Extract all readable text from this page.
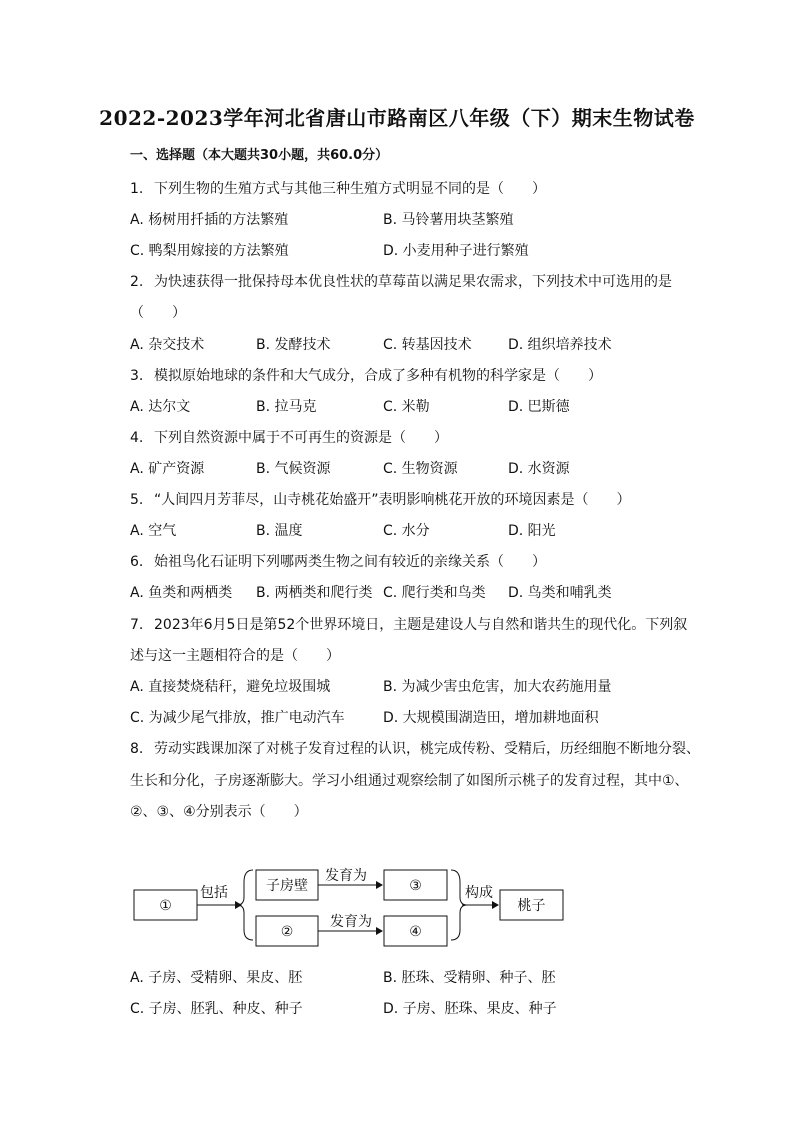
2022-2023学年河北省唐山市路南区八年级（下）期末生物试卷
一、选择题（本大题共30小题，共60.0分）
1. 下列生物的生殖方式与其他三种生殖方式明显不同的是（　　）
A. 杨树用扦插的方法繁殖	B. 马铃薯用块茎繁殖
C. 鸭梨用嫁接的方法繁殖	D. 小麦用种子进行繁殖
2. 为快速获得一批保持母本优良性状的草莓苗以满足果农需求，下列技术中可选用的是
（　　）
A. 杂交技术	B. 发酵技术	C. 转基因技术	D. 组织培养技术
3. 模拟原始地球的条件和大气成分，合成了多种有机物的科学家是（　　）
A. 达尔文	B. 拉马克	C. 米勒	D. 巴斯德
4. 下列自然资源中属于不可再生的资源是（　　）
A. 矿产资源	B. 气候资源	C. 生物资源	D. 水资源
5. “人间四月芳菲尽，山寺桃花始盛开”表明影响桃花开放的环境因素是（　　）
A. 空气	B. 温度	C. 水分	D. 阳光
6. 始祖鸟化石证明下列哪两类生物之间有较近的亲缘关系（　　）
A. 鱼类和两栖类 B. 两栖类和爬行类 C. 爬行类和鸟类 D. 鸟类和哺乳类
7. 2023年6月5日是第52个世界环境日，主题是建设人与自然和谐共生的现代化。下列叙
述与这一主题相符合的是（　　）
A. 直接焚烧秸秆，避免垃圾围城	B. 为减少害虫危害，加大农药施用量
C. 为减少尾气排放，推广电动汽车	D. 大规模围湖造田，增加耕地面积
8. 劳动实践课加深了对桃子发育过程的认识，桃完成传粉、受精后，历经细胞不断地分裂、
生长和分化，子房逐渐膨大。学习小组通过观察绘制了如图所示桃子的发育过程，其中①、
②、③、④分别表示（　　）
①
包括	子房壁
②
发育为
发育为
③
④
构成
桃子
A. 子房、受精卵、果皮、胚	B. 胚珠、受精卵、种子、胚
C. 子房、胚乳、种皮、种子	D. 子房、胚珠、果皮、种子
